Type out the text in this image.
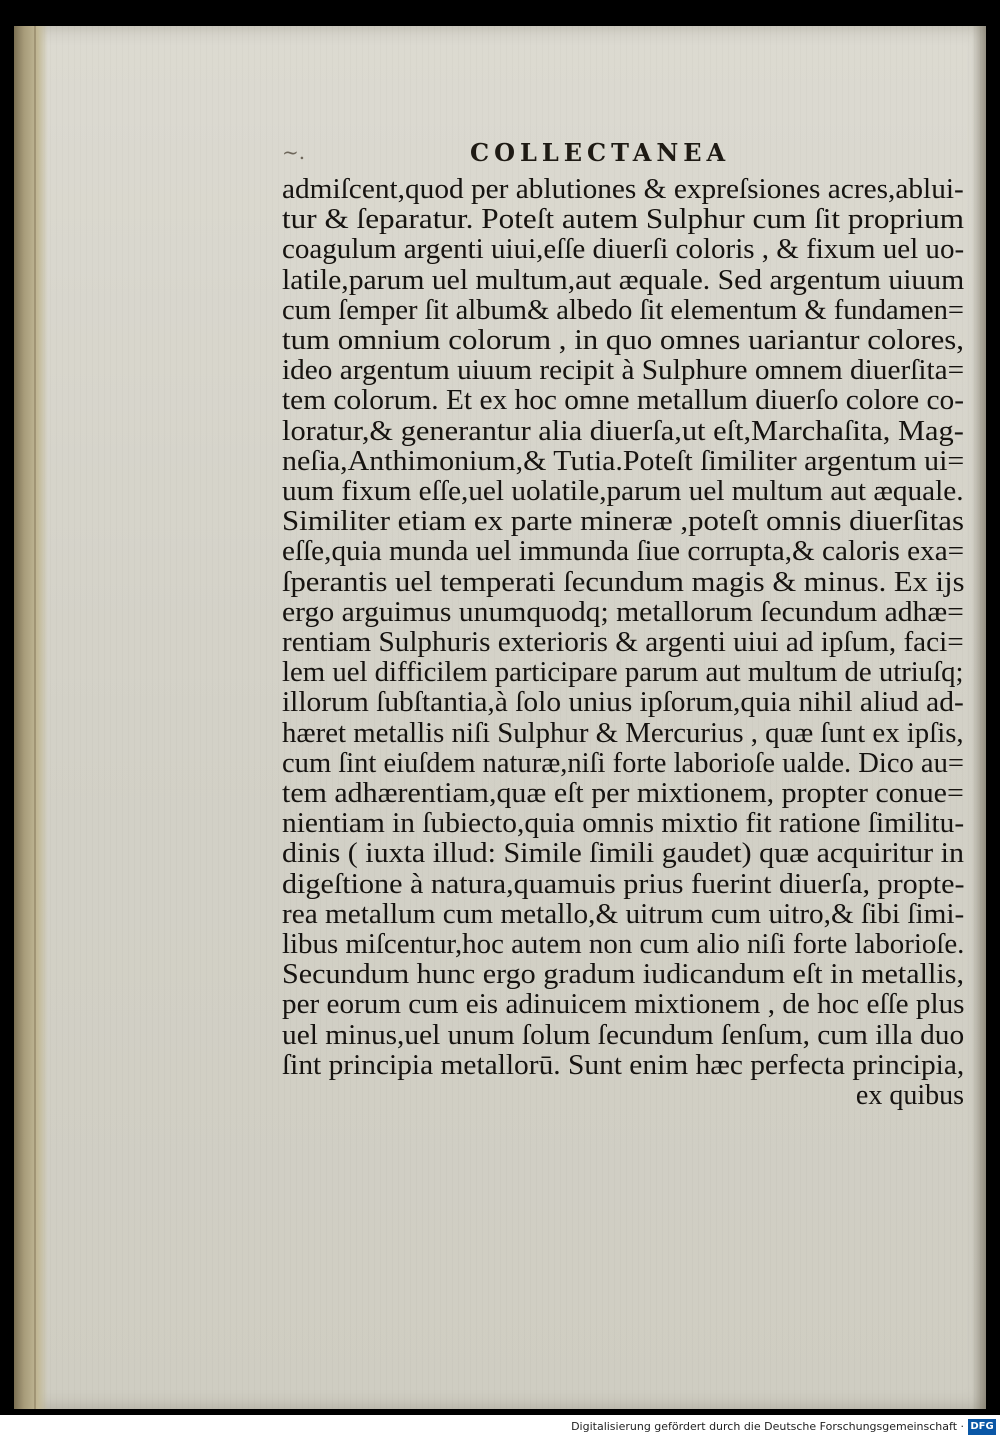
~.	COLLECTANEA
admiſcent,quod per ablutiones & expreſsiones acres,ablui-
tur & ſeparatur. Poteſt autem Sulphur cum ſit proprium
coagulum argenti uiui,eſſe diuerſi coloris , & fixum uel uo-
latile,parum uel multum,aut æquale. Sed argentum uiuum
cum ſemper ſit album& albedo ſit elementum & fundamen=
tum omnium colorum , in quo omnes uariantur colores,
ideo argentum uiuum recipit à Sulphure omnem diuerſita=
tem colorum. Et ex hoc omne metallum diuerſo colore co-
loratur,& generantur alia diuerſa,ut eſt,Marchaſita, Mag-
neſia,Anthimonium,& Tutia.Poteſt ſimiliter argentum ui=
uum fixum eſſe,uel uolatile,parum uel multum aut æquale.
Similiter etiam ex parte mineræ ,poteſt omnis diuerſitas
eſſe,quia munda uel immunda ſiue corrupta,& caloris exa=
ſperantis uel temperati ſecundum magis & minus. Ex ijs
ergo arguimus unumquodq; metallorum ſecundum adhæ=
rentiam Sulphuris exterioris & argenti uiui ad ipſum, faci=
lem uel difficilem participare parum aut multum de utriuſq;
illorum ſubſtantia,à ſolo unius ipſorum,quia nihil aliud ad-
hæret metallis niſi Sulphur & Mercurius , quæ ſunt ex ipſis,
cum ſint eiuſdem naturæ,niſi forte laborioſe ualde. Dico au=
tem adhærentiam,quæ eſt per mixtionem, propter conue=
nientiam in ſubiecto,quia omnis mixtio fit ratione ſimilitu-
dinis ( iuxta illud: Simile ſimili gaudet) quæ acquiritur in
digeſtione à natura,quamuis prius fuerint diuerſa, propte-
rea metallum cum metallo,& uitrum cum uitro,& ſibi ſimi-
libus miſcentur,hoc autem non cum alio niſi forte laborioſe.
Secundum hunc ergo gradum iudicandum eſt in metallis,
per eorum cum eis adinuicem mixtionem , de hoc eſſe plus
uel minus,uel unum ſolum ſecundum ſenſum, cum illa duo
ſint principia metallorū. Sunt enim hæc perfecta principia,
ex quibus
Digitalisierung gefördert durch die Deutsche Forschungsgemeinschaft · DFG
